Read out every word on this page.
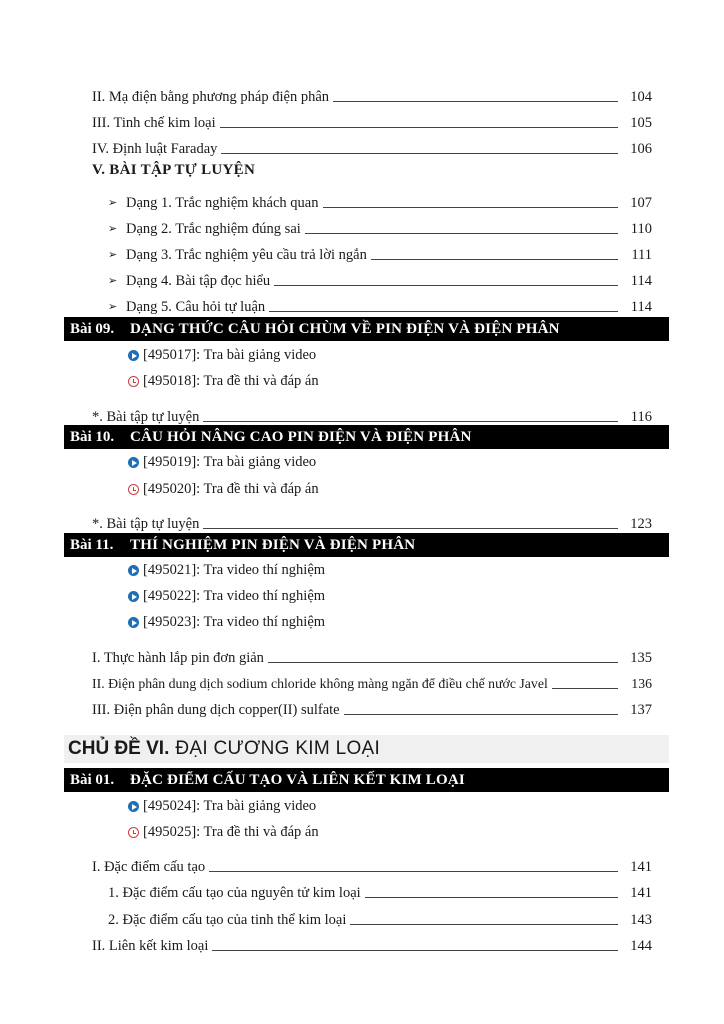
II. Mạ điện bằng phương pháp điện phân	104
III. Tinh chế kim loại	105
IV. Định luật Faraday	106
V. BÀI TẬP TỰ LUYỆN
➢ Dạng 1. Trắc nghiệm khách quan	107
➢ Dạng 2. Trắc nghiệm đúng sai	110
➢ Dạng 3. Trắc nghiệm yêu cầu trả lời ngắn	111
➢ Dạng 4. Bài tập đọc hiểu	114
➢ Dạng 5. Câu hỏi tự luận	114
Bài 09.	DẠNG THỨC CÂU HỎI CHÙM VỀ PIN ĐIỆN VÀ ĐIỆN PHÂN
[495017]: Tra bài giảng video
[495018]: Tra đề thi và đáp án
*. Bài tập tự luyện	116
Bài 10.	CÂU HỎI NÂNG CAO PIN ĐIỆN VÀ ĐIỆN PHÂN
[495019]: Tra bài giảng video
[495020]: Tra đề thi và đáp án
*. Bài tập tự luyện	123
Bài 11.	THÍ NGHIỆM PIN ĐIỆN VÀ ĐIỆN PHÂN
[495021]: Tra video thí nghiệm
[495022]: Tra video thí nghiệm
[495023]: Tra video thí nghiệm
I. Thực hành lắp pin đơn giản	135
II. Điện phân dung dịch sodium chloride không màng ngăn để điều chế nước Javel	136
III. Điện phân dung dịch copper(II) sulfate	137
CHỦ ĐỀ VI. ĐẠI CƯƠNG KIM LOẠI
Bài 01.	ĐẶC ĐIỂM CẤU TẠO VÀ LIÊN KẾT KIM LOẠI
[495024]: Tra bài giảng video
[495025]: Tra đề thi và đáp án
I. Đặc điểm cấu tạo	141
1. Đặc điểm cấu tạo của nguyên tử kim loại	141
2. Đặc điểm cấu tạo của tinh thể kim loại	143
II. Liên kết kim loại	144
